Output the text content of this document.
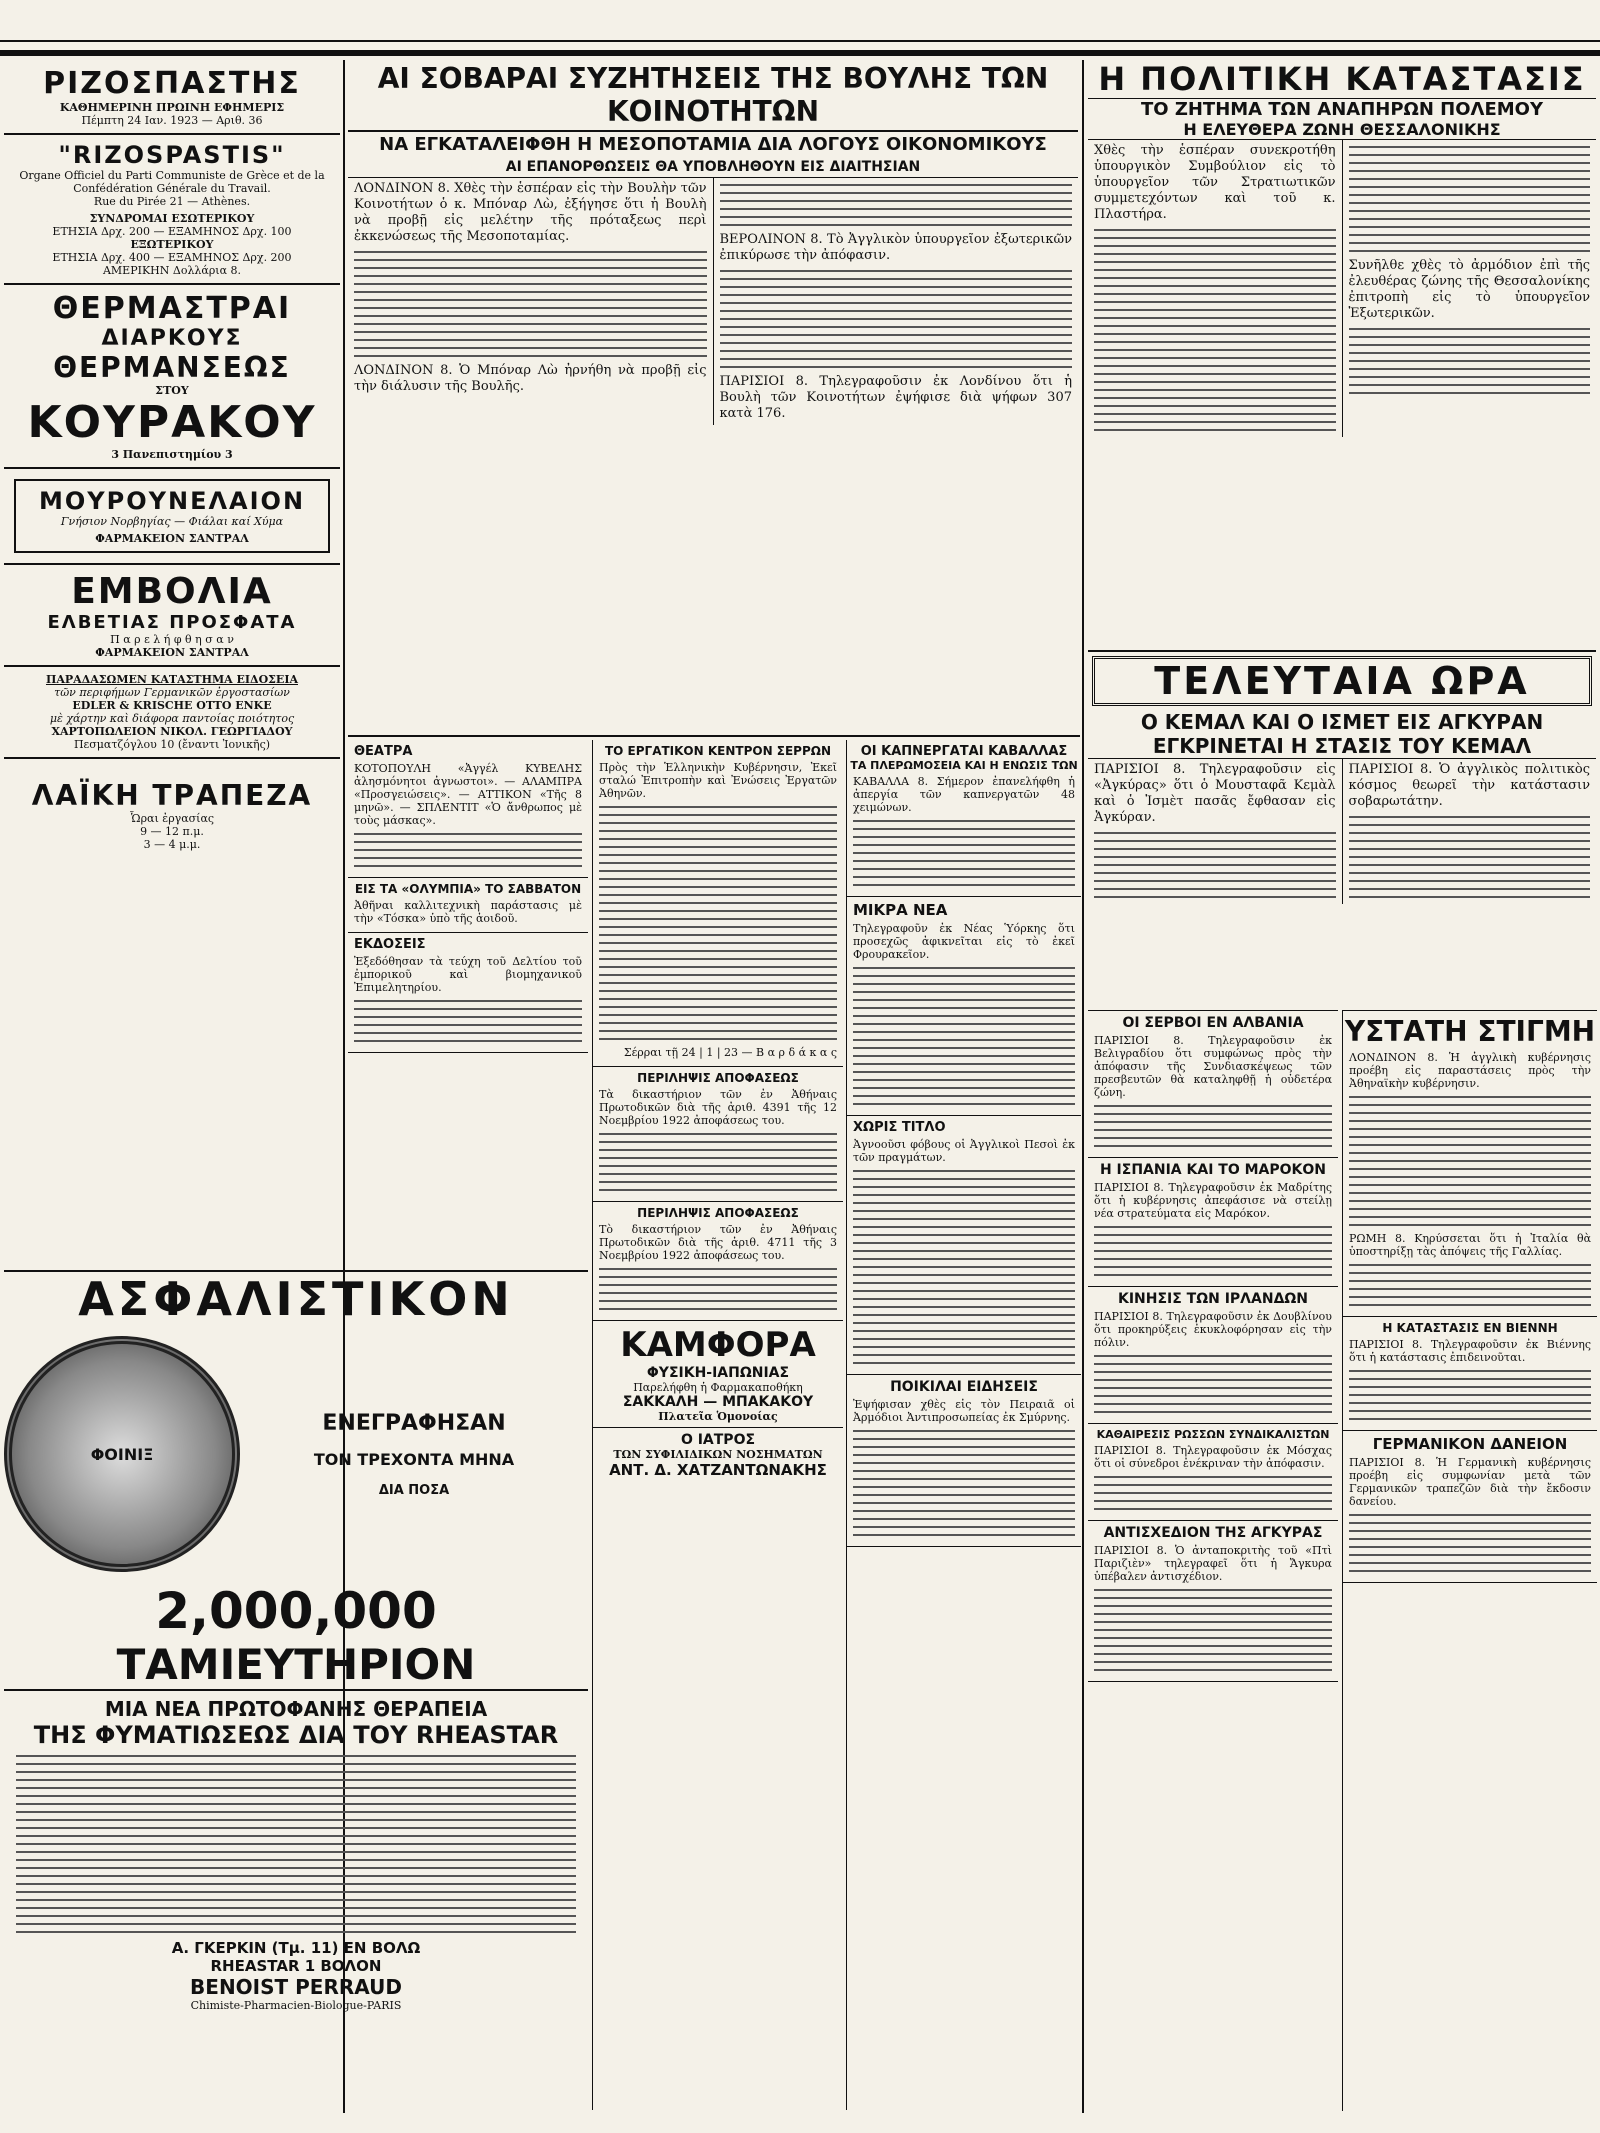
ΡΙΖΟΣΠΑΣΤΗΣ
ΚΑΘΗΜΕΡΙΝΗ ΠΡΩΙΝΗ ΕΦΗΜΕΡΙΣ
Πέμπτη 24 Ιαν. 1923 — Αριθ. 36
"RIZOSPASTIS"
Organe Officiel du Parti Communiste de Grèce et de la Confédération Générale du Travail.
Rue du Pirée 21 — Athènes.
ΣΥΝΔΡΟΜΑΙ ΕΣΩΤΕΡΙΚΟΥ
ΕΤΗΣΙΑ Δρχ. 200 — ΕΞΑΜΗΝΟΣ Δρχ. 100
ΕΞΩΤΕΡΙΚΟΥ
ΕΤΗΣΙΑ Δρχ. 400 — ΕΞΑΜΗΝΟΣ Δρχ. 200
ΑΜΕΡΙΚΗΝ Δολλάρια 8.
ΘΕΡΜΑΣΤΡΑΙ
ΔΙΑΡΚΟΥΣ
ΘΕΡΜΑΝΣΕΩΣ
ΣΤΟΥ
ΚΟΥΡΑΚΟΥ
3 Πανεπιστημίου 3
ΜΟΥΡΟΥΝΕΛΑΙΟΝ
Γνήσιον Νορβηγίας — Φιάλαι καί Χύμα
ΦΑΡΜΑΚΕΙΟΝ ΣΑΝΤΡΑΛ
ΕΜΒΟΛΙΑ
ΕΛΒΕΤΙΑΣ ΠΡΟΣΦΑΤΑ
Π α ρ ε λ ή φ θ η σ α ν
ΦΑΡΜΑΚΕΙΟΝ ΣΑΝΤΡΑΛ
ΠΑΡΑΔΑΣΩΜΕΝ ΚΑΤΑΣΤΗΜΑ ΕΙΔΟΣΕΙΑ
τῶν περιφήμων Γερμανικῶν ἐργοστασίων
EDLER & KRISCHE OTTO ENKE
μὲ χάρτην καὶ διάφορα παντοίας ποιότητος
ΧΑΡΤΟΠΩΛΕΙΟΝ ΝΙΚΟΛ. ΓΕΩΡΓΙΑΔΟΥ
Πεσματζόγλου 10 (ἔναντι Ἰονικῆς)
ΛΑΪΚΗ ΤΡΑΠΕΖΑ
Ὧραι ἐργασίας
9 — 12 π.μ.
3 — 4 μ.μ.
ΑΙ ΣΟΒΑΡΑΙ ΣΥΖΗΤΗΣΕΙΣ ΤΗΣ ΒΟΥΛΗΣ ΤΩΝ ΚΟΙΝΟΤΗΤΩΝ
ΝΑ ΕΓΚΑΤΑΛΕΙΦΘΗ Η ΜΕΣΟΠΟΤΑΜΙΑ ΔΙΑ ΛΟΓΟΥΣ ΟΙΚΟΝΟΜΙΚΟΥΣ
ΑΙ ΕΠΑΝΟΡΘΩΣΕΙΣ ΘΑ ΥΠΟΒΛΗΘΟΥΝ ΕΙΣ ΔΙΑΙΤΗΣΙΑΝ

ΛΟΝΔΙΝΟΝ 8. Χθὲς τὴν ἑσπέραν εἰς τὴν Βουλὴν τῶν Κοινοτήτων ὁ κ. Μπόναρ Λὼ, ἐξήγησε ὅτι ἡ Βουλὴ νὰ προβῇ εἰς μελέτην τῆς πρόταξεως περὶ ἐκκενώσεως τῆς Μεσοποταμίας.

ΛΟΝΔΙΝΟΝ 8. Ὁ Μπόναρ Λὼ ἠρνήθη νὰ προβῇ εἰς τὴν διάλυσιν τῆς Βουλῆς.

ΒΕΡΟΛΙΝΟΝ 8. Τὸ Ἀγγλικὸν ὑπουργεῖον ἐξωτερικῶν ἐπικύρωσε τὴν ἀπόφασιν.

ΠΑΡΙΣΙΟΙ 8. Τηλεγραφοῦσιν ἐκ Λονδίνου ὅτι ἡ Βουλὴ τῶν Κοινοτήτων ἐψήφισε διὰ ψήφων 307 κατὰ 176.

ΘΕΑΤΡΑ

ΚΟΤΟΠΟΥΛΗ «Ἀγγέλ ΚΥΒΕΛΗΣ ἀλησμόνητοι ἀγνωστοι». — ΑΛΑΜΠΡΑ «Προσγειώσεις». — ΑΤΤΙΚΟΝ «Τῆς 8 μηνῶ». — ΣΠΛΕΝΤΙΤ «Ὁ ἄνθρωπος μὲ τοὺς μάσκας».

ΕΙΣ ΤΑ «ΟΛΥΜΠΙΑ» ΤΟ ΣΑΒΒΑΤΟΝ

Ἀθῆναι καλλιτεχνικὴ παράστασις μὲ τὴν «Τόσκα» ὑπὸ τῆς ἀοιδοῦ.

ΕΚΔΟΣΕΙΣ

Ἐξεδόθησαν τὰ τεύχη τοῦ Δελτίου τοῦ ἐμπορικοῦ καὶ βιομηχανικοῦ Ἐπιμελητηρίου.

ΤΟ ΕΡΓΑΤΙΚΟΝ ΚΕΝΤΡΟΝ ΣΕΡΡΩΝ

Πρὸς τὴν Ἑλληνικὴν Κυβέρνησιν, Ἐκεῖ σταλώ Ἐπιτροπὴν καὶ Ἐνώσεις Ἐργατῶν Ἀθηνῶν.

Σέρραι τῇ 24 | 1 | 23 — Β α ρ δ ά κ α ς

ΠΕΡΙΛΗΨΙΣ ΑΠΟΦΑΣΕΩΣ

Τὰ δικαστήριον τῶν ἐν Ἀθήναις Πρωτοδικῶν διὰ τῆς ἀριθ. 4391 τῆς 12 Νοεμβρίου 1922 ἀποφάσεως του.

ΠΕΡΙΛΗΨΙΣ ΑΠΟΦΑΣΕΩΣ

Τὸ δικαστήριον τῶν ἐν Ἀθήναις Πρωτοδικῶν διὰ τῆς ἀριθ. 4711 τῆς 3 Νοεμβρίου 1922 ἀποφάσεως του.

ΚΑΜΦΟΡΑ
ΦΥΣΙΚΗ-ΙΑΠΩΝΙΑΣ
Παρελήφθη ἡ Φαρμακαποθήκη
ΣΑΚΚΑΛΗ — ΜΠΑΚΑΚΟΥ
Πλατεῖα Ὁμονοίας
Ο ΙΑΤΡΟΣ
ΤΩΝ ΣΥΦΙΛΙΔΙΚΩΝ ΝΟΣΗΜΑΤΩΝ
ΑΝΤ. Δ. ΧΑΤΖΑΝΤΩΝΑΚΗΣ
ΟΙ ΚΑΠΝΕΡΓΑΤΑΙ ΚΑΒΑΛΛΑΣ
ΤΑ ΠΛΕΡΩΜΟΣΕΙΑ ΚΑΙ Η ΕΝΩΣΙΣ ΤΩΝ

ΚΑΒΑΛΛΑ 8. Σήμερον ἐπανελήφθη ἡ ἀπεργία τῶν καπνεργατῶν 48 χειμώνων.

ΜΙΚΡΑ ΝΕΑ

Τηλεγραφοῦν ἐκ Νέας Ὑόρκης ὅτι προσεχῶς ἀφικνεῖται εἰς τὸ ἐκεῖ Φρουρακεῖον.

ΧΩΡΙΣ ΤΙΤΛΟ

Ἀγνοοῦσι φόβους οἱ Ἀγγλικοὶ Πεσοὶ ἐκ τῶν πραγμάτων.

ΠΟΙΚΙΛΑΙ ΕΙΔΗΣΕΙΣ

Ἐψήφισαν χθὲς εἰς τὸν Πειραιᾶ οἱ Ἀρμόδιοι Ἀντιπροσωπείας ἐκ Σμύρνης.

ΑΣΦΑΛΙΣΤΙΚΟΝ
ΦΟΙΝΙΞ
ΕΝΕΓΡΑΦΗΣΑΝ
ΤΟΝ ΤΡΕΧΟΝΤΑ ΜΗΝΑ
ΔΙΑ ΠΟΣΑ
2,000,000
ΤΑΜΙΕΥΤΗΡΙΟΝ
ΜΙΑ ΝΕΑ ΠΡΩΤΟΦΑΝΗΣ ΘΕΡΑΠΕΙΑ
ΤΗΣ ΦΥΜΑΤΙΩΣΕΩΣ ΔΙΑ ΤΟΥ RHEASTAR
Α. ΓΚΕΡΚΙΝ (Τμ. 11) ΕΝ ΒΟΛΩ
RHEASTAR 1 ΒΟΛΟΝ
BENOIST PERRAUD
Chimiste-Pharmacien-Biologue-PARIS
Η ΠΟΛΙΤΙΚΗ ΚΑΤΑΣΤΑΣΙΣ
ΤΟ ΖΗΤΗΜΑ ΤΩΝ ΑΝΑΠΗΡΩΝ ΠΟΛΕΜΟΥ
Η ΕΛΕΥΘΕΡΑ ΖΩΝΗ ΘΕΣΣΑΛΟΝΙΚΗΣ

Χθὲς τὴν ἑσπέραν συνεκροτήθη ὑπουργικὸν Συμβούλιον εἰς τὸ ὑπουργεῖον τῶν Στρατιωτικῶν συμμετεχόντων καὶ τοῦ κ. Πλαστήρα.

Συνῆλθε χθὲς τὸ ἀρμόδιον ἐπὶ τῆς ἐλευθέρας ζώνης τῆς Θεσσαλονίκης ἐπιτροπὴ εἰς τὸ ὑπουργεῖον Ἐξωτερικῶν.

ΤΕΛΕΥΤΑΙΑ ΩΡΑ
Ο ΚΕΜΑΛ ΚΑΙ Ο ΙΣΜΕΤ ΕΙΣ ΑΓΚΥΡΑΝ
ΕΓΚΡΙΝΕΤΑΙ Η ΣΤΑΣΙΣ ΤΟΥ ΚΕΜΑΛ

ΠΑΡΙΣΙΟΙ 8. Τηλεγραφοῦσιν εἰς «Ἀγκύρας» ὅτι ὁ Μουσταφᾶ Κεμὰλ καὶ ὁ Ἰσμὲτ πασᾶς ἔφθασαν εἰς Ἀγκύραν.

ΠΑΡΙΣΙΟΙ 8. Ὁ ἀγγλικὸς πολιτικὸς κόσμος θεωρεῖ τὴν κατάστασιν σοβαρωτάτην.

ΟΙ ΣΕΡΒΟΙ ΕΝ ΑΛΒΑΝΙΑ

ΠΑΡΙΣΙΟΙ 8. Τηλεγραφοῦσιν ἐκ Βελιγραδίου ὅτι συμφώνως πρὸς τὴν ἀπόφασιν τῆς Συνδιασκέψεως τῶν πρεσβευτῶν θὰ καταληφθῇ ἡ οὐδετέρα ζώνη.

Η ΙΣΠΑΝΙΑ ΚΑΙ ΤΟ ΜΑΡΟΚΟΝ

ΠΑΡΙΣΙΟΙ 8. Τηλεγραφοῦσιν ἐκ Μαδρίτης ὅτι ἡ κυβέρνησις ἀπεφάσισε νὰ στείλῃ νέα στρατεύματα εἰς Μαρόκον.

ΚΙΝΗΣΙΣ ΤΩΝ ΙΡΛΑΝΔΩΝ

ΠΑΡΙΣΙΟΙ 8. Τηλεγραφοῦσιν ἐκ Δουβλίνου ὅτι προκηρύξεις ἐκυκλοφόρησαν εἰς τὴν πόλιν.

ΚΑΘΑΙΡΕΣΙΣ ΡΩΣΣΩΝ ΣΥΝΔΙΚΑΛΙΣΤΩΝ

ΠΑΡΙΣΙΟΙ 8. Τηλεγραφοῦσιν ἐκ Μόσχας ὅτι οἱ σύνεδροι ἐνέκριναν τὴν ἀπόφασιν.

ΑΝΤΙΣΧΕΔΙΟΝ ΤΗΣ ΑΓΚΥΡΑΣ

ΠΑΡΙΣΙΟΙ 8. Ὁ ἀνταποκριτὴς τοῦ «Πτὶ Παριζιὲν» τηλεγραφεῖ ὅτι ἡ Ἄγκυρα ὑπέβαλεν ἀντισχέδιον.

ΥΣΤΑΤΗ ΣΤΙΓΜΗ

ΛΟΝΔΙΝΟΝ 8. Ἡ ἀγγλικὴ κυβέρνησις προέβη εἰς παραστάσεις πρὸς τὴν Ἀθηναϊκὴν κυβέρνησιν.

ΡΩΜΗ 8. Κηρύσσεται ὅτι ἡ Ἰταλία θὰ ὑποστηρίξῃ τὰς ἀπόψεις τῆς Γαλλίας.

Η ΚΑΤΑΣΤΑΣΙΣ ΕΝ ΒΙΕΝΝΗ

ΠΑΡΙΣΙΟΙ 8. Τηλεγραφοῦσιν ἐκ Βιέννης ὅτι ἡ κατάστασις ἐπιδεινοῦται.

ΓΕΡΜΑΝΙΚΟΝ ΔΑΝΕΙΟΝ

ΠΑΡΙΣΙΟΙ 8. Ἡ Γερμανικὴ κυβέρνησις προέβη εἰς συμφωνίαν μετὰ τῶν Γερμανικῶν τραπεζῶν διὰ τὴν ἔκδοσιν δανείου.
